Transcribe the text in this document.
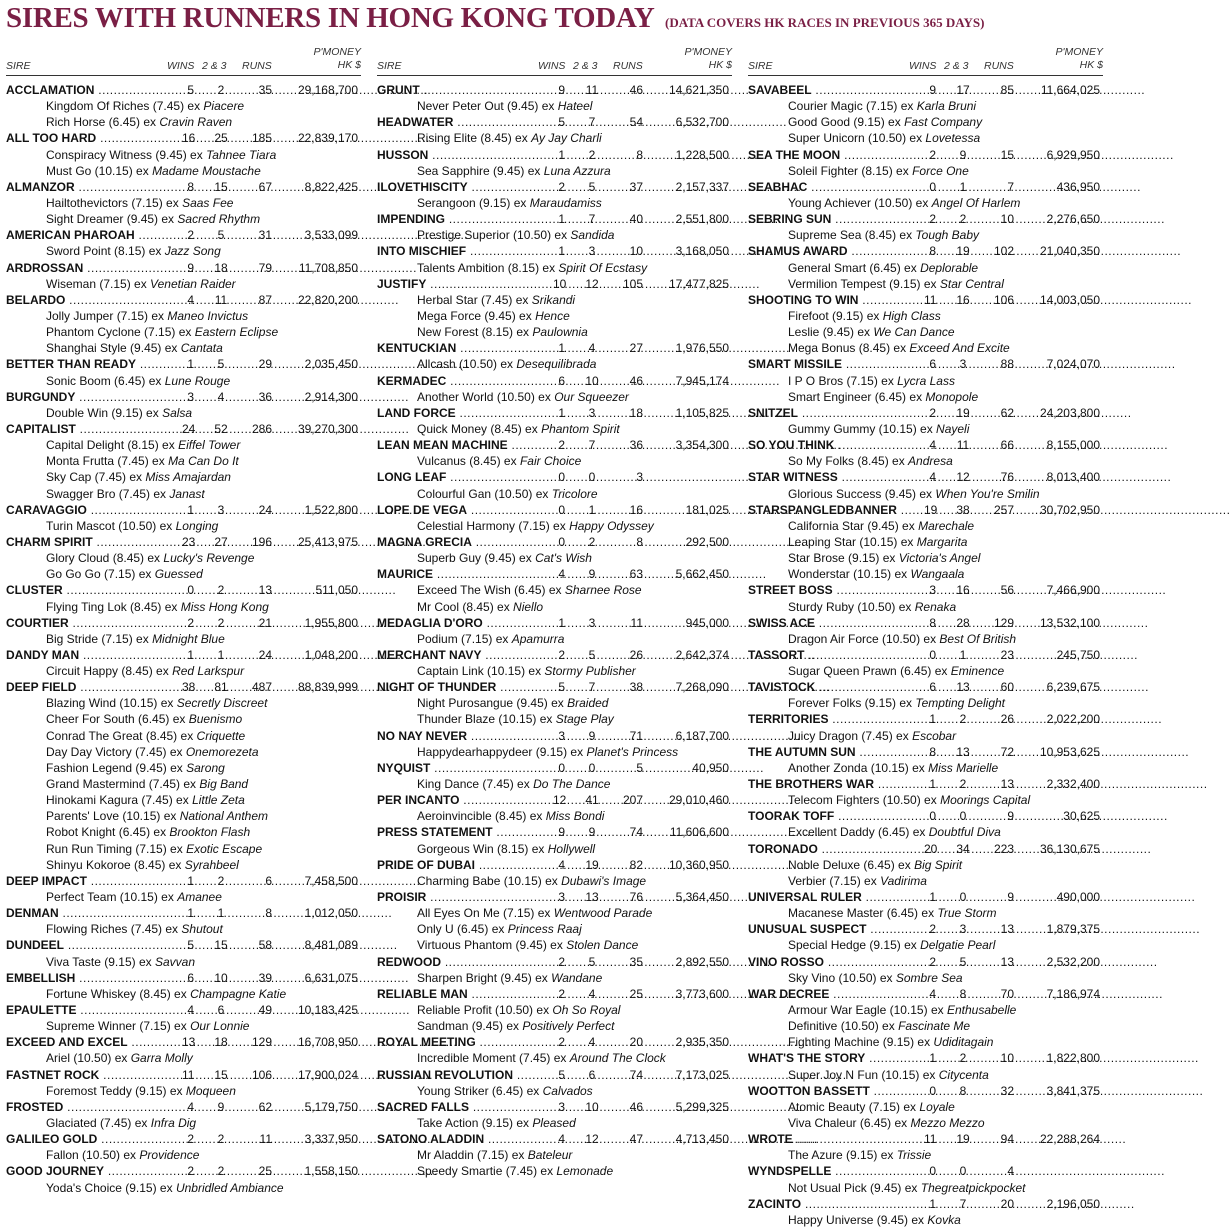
SIRES WITH RUNNERS IN HONG KONG TODAY (DATA COVERS HK RACES IN PREVIOUS 365 DAYS)
SIRE	WINS 2 & 3 RUNS
P'MONEY
HK $
ACCLAMATION .....	5	2	35 29,168,700
Kingdom Of Riches (7.45) ex Piacere
Rich Horse (6.45) ex Cravin Raven
ALL TOO HARD .....	16 25	185 22,839,170
Conspiracy Witness (9.45) ex Tahnee Tiara
Must Go (10.15) ex Madame Moustache
ALMANZOR .....	8 15	67	8,822,425
Hailtothevictors (7.15) ex Saas Fee
Sight Dreamer (9.45) ex Sacred Rhythm
AMERICAN PHAROAH .....	2	5	31	3,533,099
Sword Point (8.15) ex Jazz Song
ARDROSSAN .....	9 18	79 11,708,850
Wiseman (7.15) ex Venetian Raider
BELARDO .....	4	11	87 22,820,200
Jolly Jumper (7.15) ex Maneo Invictus
Phantom Cyclone (7.15) ex Eastern Eclipse
Shanghai Style (9.45) ex Cantata
BETTER THAN READY .....	1	5	29	2,035,450
Sonic Boom (6.45) ex Lune Rouge
BURGUNDY .....	3	4	36	2,914,300
Double Win (9.15) ex Salsa
CAPITALIST .....	24 52	286 39,270,300
Capital Delight (8.15) ex Eiffel Tower
Monta Frutta (7.45) ex Ma Can Do It
Sky Cap (7.45) ex Miss Amajardan
Swagger Bro (7.45) ex Janast
CARAVAGGIO .....	1	3	24	1,522,800
Turin Mascot (10.50) ex Longing
CHARM SPIRIT .....	23 27	196 25,413,975
Glory Cloud (8.45) ex Lucky's Revenge
Go Go Go (7.15) ex Guessed
CLUSTER .....	0	2	13	511,050
Flying Ting Lok (8.45) ex Miss Hong Kong
COURTIER .....	2	2	21	1,955,800
Big Stride (7.15) ex Midnight Blue
DANDY MAN .....	1	1	24	1,048,200
Circuit Happy (8.45) ex Red Larkspur
DEEP FIELD .....	38 81	487 88,839,999
Blazing Wind (10.15) ex Secretly Discreet
Cheer For South (6.45) ex Buenismo
Conrad The Great (8.45) ex Criquette
Day Day Victory (7.45) ex Onemorezeta
Fashion Legend (9.45) ex Sarong
Grand Mastermind (7.45) ex Big Band
Hinokami Kagura (7.45) ex Little Zeta
Parents' Love (10.15) ex National Anthem
Robot Knight (6.45) ex Brookton Flash
Run Run Timing (7.15) ex Exotic Escape
Shinyu Kokoroe (8.45) ex Syrahbeel
DEEP IMPACT .....	1	2	6	7,458,500
Perfect Team (10.15) ex Amanee
DENMAN .....	1	1	8	1,012,050
Flowing Riches (7.45) ex Shutout
DUNDEEL .....	5 15	58	8,481,089
Viva Taste (9.15) ex Savvan
EMBELLISH .....	6 10	39	6,631,075
Fortune Whiskey (8.45) ex Champagne Katie
EPAULETTE .....	4	6	49 10,183,425
Supreme Winner (7.15) ex Our Lonnie
EXCEED AND EXCEL .....	13 18	129 16,708,950
Ariel (10.50) ex Garra Molly
FASTNET ROCK .....	11 15	106 17,900,024
Foremost Teddy (9.15) ex Moqueen
FROSTED .....	4	9	62	5,179,750
Glaciated (7.45) ex Infra Dig
GALILEO GOLD .....	2	2	11	3,337,950
Fallon (10.50) ex Providence
GOOD JOURNEY .....	2	2	25	1,558,150
Yoda's Choice (9.15) ex Unbridled Ambiance
SIRE	WINS 2 & 3 RUNS
P'MONEY
HK $
GRUNT .....	9	11	46 14,621,350
Never Peter Out (9.45) ex Hateel
HEADWATER .....	5	7	54	6,532,700
Rising Elite (8.45) ex Ay Jay Charli
HUSSON .....	1	2	8	1,228,500
Sea Sapphire (9.45) ex Luna Azzura
ILOVETHISCITY .....	2	5	37	2,157,337
Serangoon (9.15) ex Maraudamiss
IMPENDING .....	1	7	40	2,551,800
Prestige Superior (10.50) ex Sandida
INTO MISCHIEF .....	1	3	10	3,168,050
Talents Ambition (8.15) ex Spirit Of Ecstasy
JUSTIFY .....	10 12	105 17,477,825
Herbal Star (7.45) ex Srikandi
Mega Force (9.45) ex Hence
New Forest (8.15) ex Paulownia
KENTUCKIAN .....	1	4	27	1,976,550
Allcash (10.50) ex Desequilibrada
KERMADEC .....	6 10	46	7,945,174
Another World (10.50) ex Our Squeezer
LAND FORCE .....	1	3	18	1,105,825
Quick Money (8.45) ex Phantom Spirit
LEAN MEAN MACHINE .....	2	7	36	3,354,300
Vulcanus (8.45) ex Fair Choice
LONG LEAF .....	0	0	3
Colourful Gan (10.50) ex Tricolore
LOPE DE VEGA .....	0	1	16	181,025
Celestial Harmony (7.15) ex Happy Odyssey
MAGNA GRECIA .....	0	2	8	292,500
Superb Guy (9.45) ex Cat's Wish
MAURICE .....	4	9	63	5,662,450
Exceed The Wish (6.45) ex Sharnee Rose
Mr Cool (8.45) ex Niello
MEDAGLIA D'ORO .....	1	3	11	945,000
Podium (7.15) ex Apamurra
MERCHANT NAVY .....	2	5	26	2,642,374
Captain Link (10.15) ex Stormy Publisher
NIGHT OF THUNDER .....	5	7	38	7,268,090
Night Purosangue (9.45) ex Braided
Thunder Blaze (10.15) ex Stage Play
NO NAY NEVER .....	3	9	71	6,187,700
Happydearhappydeer (9.15) ex Planet's Princess
NYQUIST .....	0	0	5	40,950
King Dance (7.45) ex Do The Dance
PER INCANTO .....	12 41	207 29,010,460
Aeroinvincible (8.45) ex Miss Bondi
PRESS STATEMENT .....	9	9	74 11,606,600
Gorgeous Win (8.15) ex Hollywell
PRIDE OF DUBAI .....	4 19	82 10,360,950
Charming Babe (10.15) ex Dubawi's Image
PROISIR .....	3 13	76	5,364,450
All Eyes On Me (7.15) ex Wentwood Parade
Only U (6.45) ex Princess Raaj
Virtuous Phantom (9.45) ex Stolen Dance
REDWOOD .....	2	5	35	2,892,550
Sharpen Bright (9.45) ex Wandane
RELIABLE MAN .....	2	4	25	3,773,600
Reliable Profit (10.50) ex Oh So Royal
Sandman (9.45) ex Positively Perfect
ROYAL MEETING .....	2	4	20	2,935,350
Incredible Moment (7.45) ex Around The Clock
RUSSIAN REVOLUTION .....	5	6	74	7,173,025
Young Striker (6.45) ex Calvados
SACRED FALLS .....	3 10	46	5,299,325
Take Action (9.15) ex Pleased
SATONO ALADDIN .....	4 12	47	4,713,450
Mr Aladdin (7.15) ex Bateleur
Speedy Smartie (7.45) ex Lemonade
SIRE	WINS 2 & 3 RUNS
P'MONEY
HK $
SAVABEEL .....	9 17	85 11,664,025
Courier Magic (7.15) ex Karla Bruni
Good Good (9.15) ex Fast Company
Super Unicorn (10.50) ex Lovetessa
SEA THE MOON .....	2	9	15	6,929,950
Soleil Fighter (8.15) ex Force One
SEABHAC .....	0	1	7	436,950
Young Achiever (10.50) ex Angel Of Harlem
SEBRING SUN .....	2	2	10	2,276,650
Supreme Sea (8.45) ex Tough Baby
SHAMUS AWARD .....	8 19	102 21,040,350
General Smart (6.45) ex Deplorable
Vermilion Tempest (9.15) ex Star Central
SHOOTING TO WIN .....	11 16	106 14,003,050
Firefoot (9.15) ex High Class
Leslie (9.45) ex We Can Dance
Mega Bonus (8.45) ex Exceed And Excite
SMART MISSILE .....	6	3	88	7,024,070
I P O Bros (7.15) ex Lycra Lass
Smart Engineer (6.45) ex Monopole
SNITZEL .....	2 19	62 24,203,800
Gummy Gummy (10.15) ex Nayeli
SO YOU THINK .....	4	11	66	8,155,000
So My Folks (8.45) ex Andresa
STAR WITNESS .....	4 12	76	8,013,400
Glorious Success (9.45) ex When You're Smilin
STARSPANGLEDBANNER .....	19 38	257 30,702,950
California Star (9.45) ex Marechale
Leaping Star (10.15) ex Margarita
Star Brose (9.15) ex Victoria's Angel
Wonderstar (10.15) ex Wangaala
STREET BOSS .....	3 16	56	7,466,900
Sturdy Ruby (10.50) ex Renaka
SWISS ACE .....	8 28	129 13,532,100
Dragon Air Force (10.50) ex Best Of British
TASSORT .....	0	1	23	245,750
Sugar Queen Prawn (6.45) ex Eminence
TAVISTOCK .....	6 13	60	6,239,675
Forever Folks (9.15) ex Tempting Delight
TERRITORIES .....	1	2	26	2,022,200
Juicy Dragon (7.45) ex Escobar
THE AUTUMN SUN .....	8 13	72 10,953,625
Another Zonda (10.15) ex Miss Marielle
THE BROTHERS WAR .....	1	2	13	2,332,400
Telecom Fighters (10.50) ex Moorings Capital
TOORAK TOFF .....	0	0	9	30,625
Excellent Daddy (6.45) ex Doubtful Diva
TORONADO .....	20 34	223 36,130,675
Noble Deluxe (6.45) ex Big Spirit
Verbier (7.15) ex Vadirima
UNIVERSAL RULER .....	1	0	9	490,000
Macanese Master (6.45) ex True Storm
UNUSUAL SUSPECT .....	2	3	13	1,879,375
Special Hedge (9.15) ex Delgatie Pearl
VINO ROSSO .....	2	5	13	2,532,200
Sky Vino (10.50) ex Sombre Sea
WAR DECREE .....	4	8	70	7,186,974
Armour War Eagle (10.15) ex Enthusabelle
Definitive (10.50) ex Fascinate Me
Fighting Machine (9.15) ex Udiditagain
WHAT'S THE STORY .....	1	2	10	1,822,800
Super Joy N Fun (10.15) ex Citycenta
WOOTTON BASSETT .....	0	8	32	3,841,375
Atomic Beauty (7.15) ex Loyale
Viva Chaleur (6.45) ex Mezzo Mezzo
WROTE .....	11 19	94 22,288,264
The Azure (9.15) ex Trissie
WYNDSPELLE .....	0	0	4
Not Usual Pick (9.45) ex Thegreatpickpocket
ZACINTO .....	1	7	20	2,196,050
Happy Universe (9.45) ex Kovka
